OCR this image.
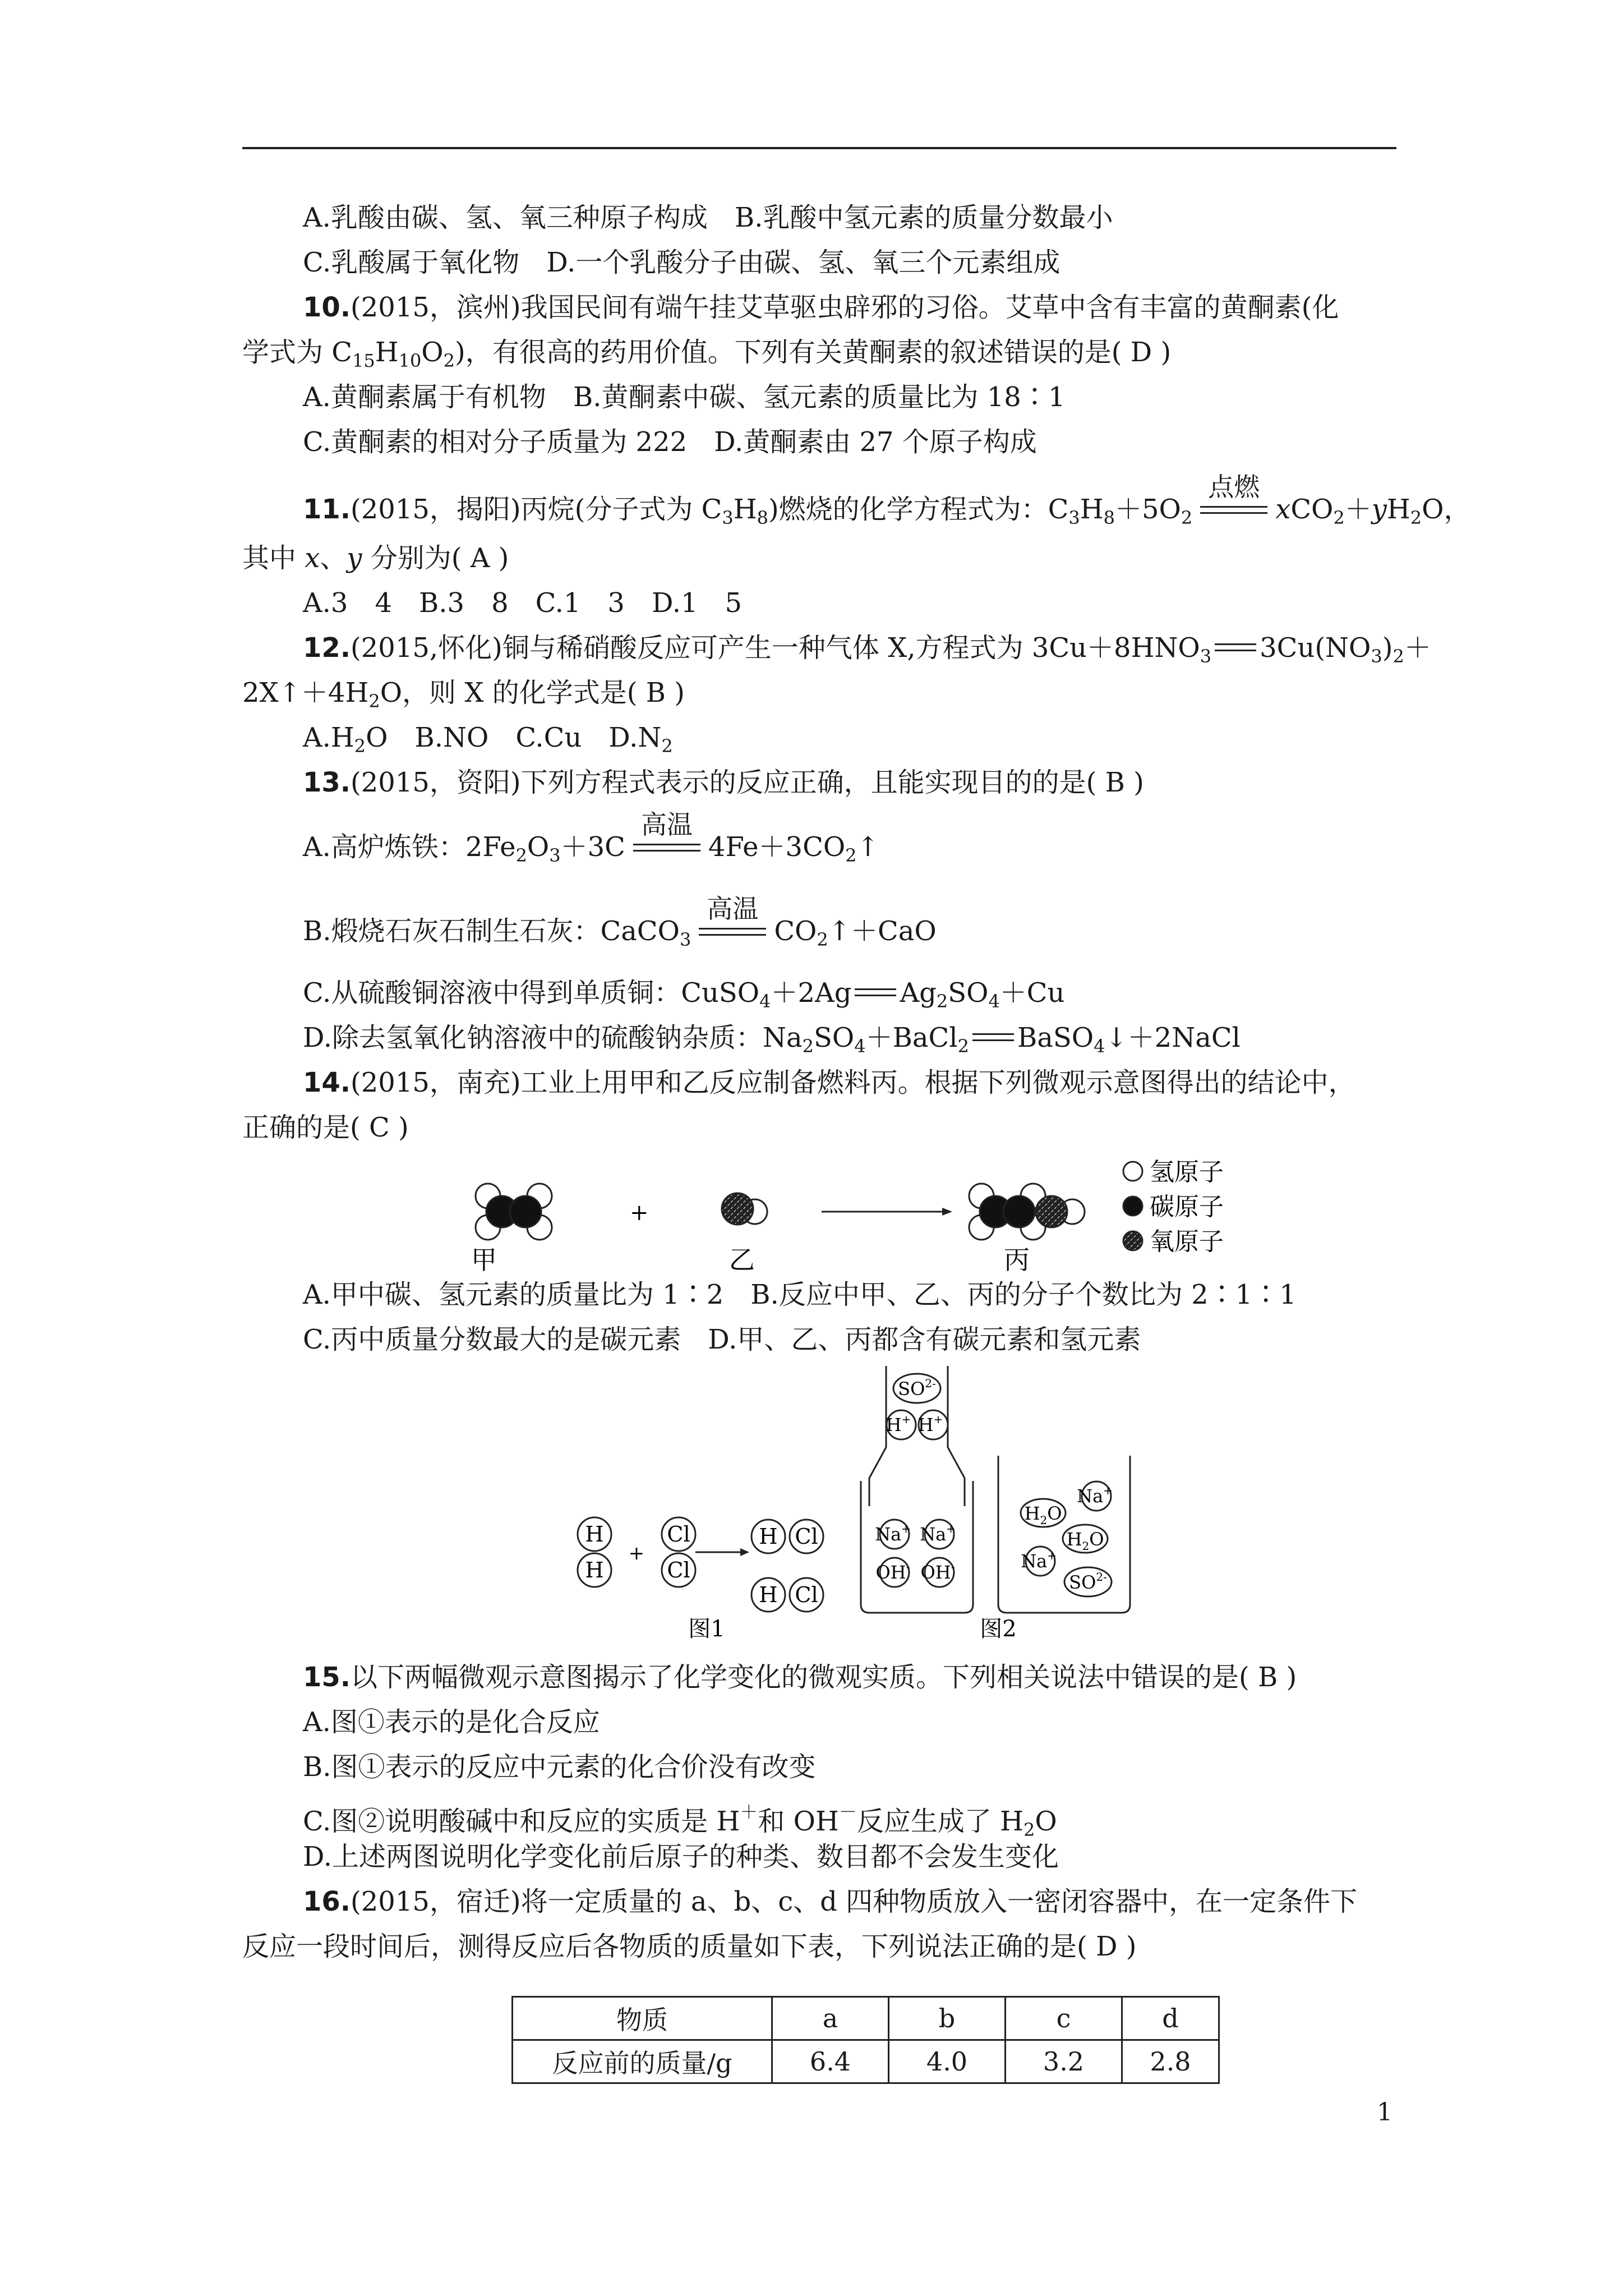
A.乳酸由碳、氢、氧三种原子构成　 B.乳酸中氢元素的质量分数最小
C.乳酸属于氧化物　 D.一个乳酸分子由碳、氢、氧三个元素组成
10.(2015，滨州)我国民间有端午挂艾草驱虫辟邪的习俗。艾草中含有丰富的黄酮素(化
学式为 $C_{15}H_{10}O_2$)，有很高的药用价值。下列有关黄酮素的叙述错误的是( D )
A.黄酮素属于有机物　 B.黄酮素中碳、氢元素的质量比为 18∶1
C.黄酮素的相对分子质量为 222　 D.黄酮素由 27 个原子构成
11.(2015，揭阳)丙烷(分子式为 $C_3H_8$)燃烧的化学方程式为：$C_3H_8+5O_2$
点燃
$xCO_2+yH_2O$，
其中 x、y 分别为( A )
A.3　4　B.3　8　C.1　3　D.1　5
12.(2015,怀化)铜与稀硝酸反应可产生一种气体 X,方程式为 $3Cu+8HNO_3$ $3Cu(NO_3)_2+$
$2X↑+4H_2O$，则 X 的化学式是( B )
$A.H_2O$　B.NO　C.Cu　$D.N_2$
13.(2015，资阳)下列方程式表示的反应正确，且能实现目的的是( B )
A.高炉炼铁：$2Fe_2O_3+3C$
高温
$4Fe+3CO_2↑$
B.煅烧石灰石制生石灰：CaCO$_3$
高温
$CO_2↑+CaO$
C.从硫酸铜溶液中得到单质铜：CuSO$_4$＋2Ag $Ag_2SO_4+Cu$
D.除去氢氧化钠溶液中的硫酸钠杂质：$Na_2SO_4+BaCl_2$ BaSO$_4$↓＋2NaCl
14.(2015，南充)工业上用甲和乙反应制备燃料丙。根据下列微观示意图得出的结论中，
正确的是( C )
+
甲	乙	丙
氢原子
碳原子
氧原子
A.甲中碳、氢元素的质量比为 1∶2　 B.反应中甲、乙、丙的分子个数比为 2∶1∶1
C.丙中质量分数最大的是碳元素　 D.甲、乙、丙都含有碳元素和氢元素
H
H
Cl
Cl
H Cl
H Cl
+
图1
$SO^{2-}$
H+ H+
Na+ Na+
OH- OH-
$H_2O$
Na+
$H_2O$
Na+
$SO^{2-}$
图2
15.以下两幅微观示意图揭示了化学变化的微观实质。下列相关说法中错误的是( B )
A.图①表示的是化合反应
B.图①表示的反应中元素的化合价没有改变
C.图②说明酸碱中和反应的实质是 H＋和 OH－反应生成了 $H_2O$
D.上述两图说明化学变化前后原子的种类、数目都不会发生变化
16.(2015，宿迁)将一定质量的 a、b、c、d 四种物质放入一密闭容器中，在一定条件下
反应一段时间后，测得反应后各物质的质量如下表，下列说法正确的是( D )
物质	a	b	c	d
反应前的质量/g	6.4	4.0	3.2	2.8
1
